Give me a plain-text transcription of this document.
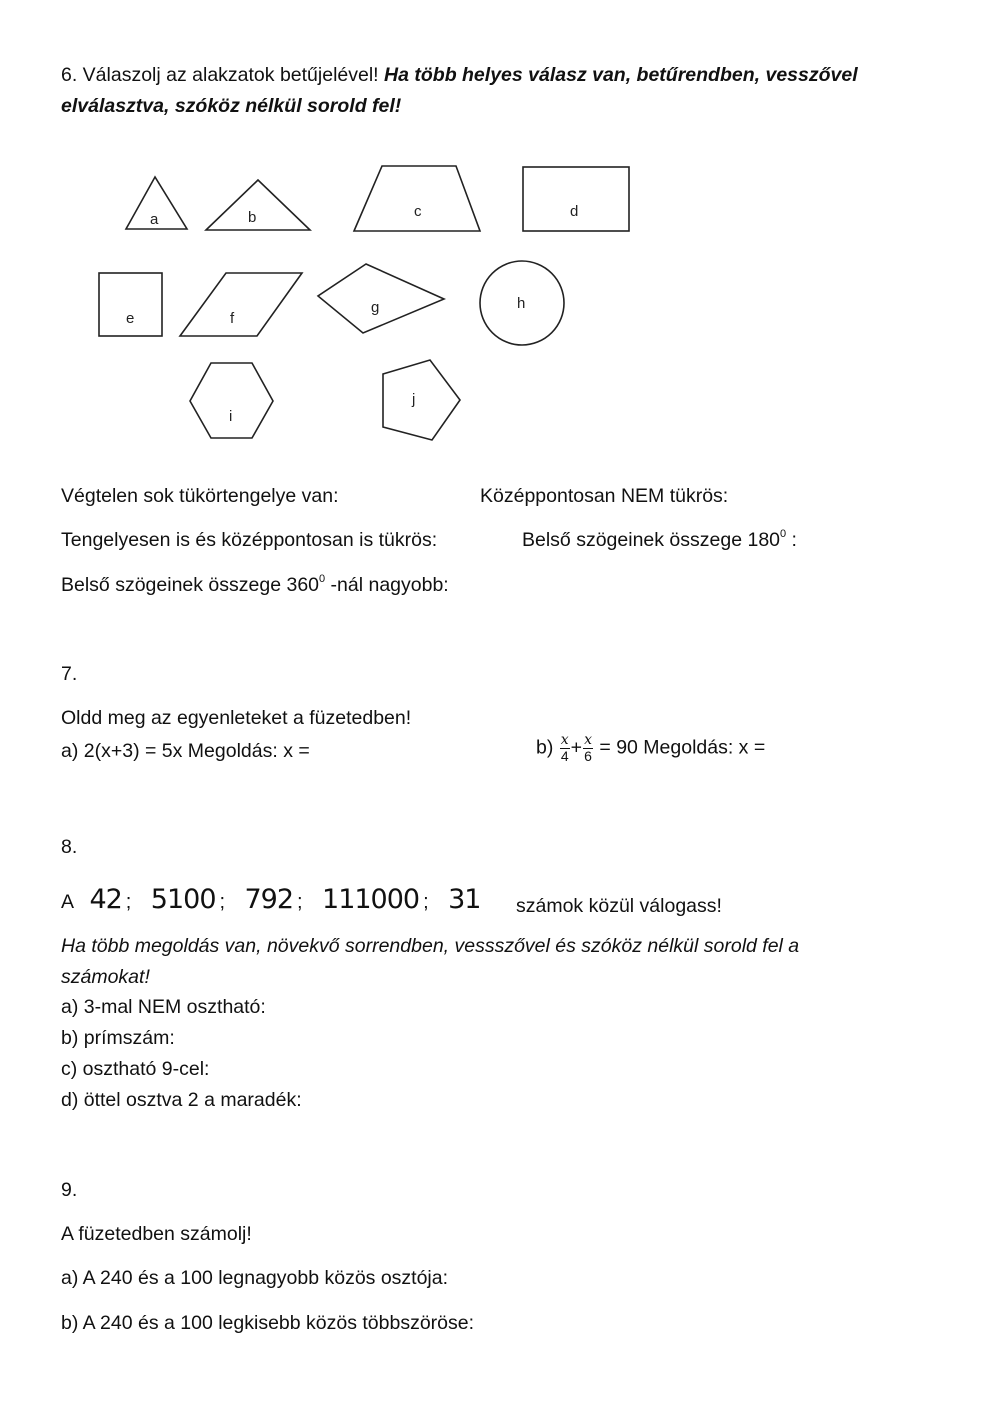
6. Válaszolj az alakzatok betűjelével! Ha több helyes válasz van, betűrendben, vesszővel
elválasztva, szóköz nélkül sorold fel!
a	b	c	d
e	f
g	h
i
j
Végtelen sok tükörtengelye van:	Középpontosan NEM tükrös:
Tengelyesen is és középpontosan is tükrös:	Belső szögeinek összege $180^0$ :
Belső szögeinek összege $360^0$ -nál nagyobb:
7.
Oldd meg az egyenleteket a füzetedben!
a) 2(x+3) = 5x Megoldás: x =	$b) \frac{x}{4} + \frac{x}{6} = 90$ Megoldás: x =
8.
A 42 ; 5100 ; 792 ; 111000 ; 31 számok közül válogass!
Ha több megoldás van, növekvő sorrendben, vessszővel és szóköz nélkül sorold fel a
számokat!
a) 3-mal NEM osztható:
b) prímszám:
c) osztható 9-cel:
d) öttel osztva 2 a maradék:
9.
A füzetedben számolj!
a) A 240 és a 100 legnagyobb közös osztója:
b) A 240 és a 100 legkisebb közös többszöröse:
